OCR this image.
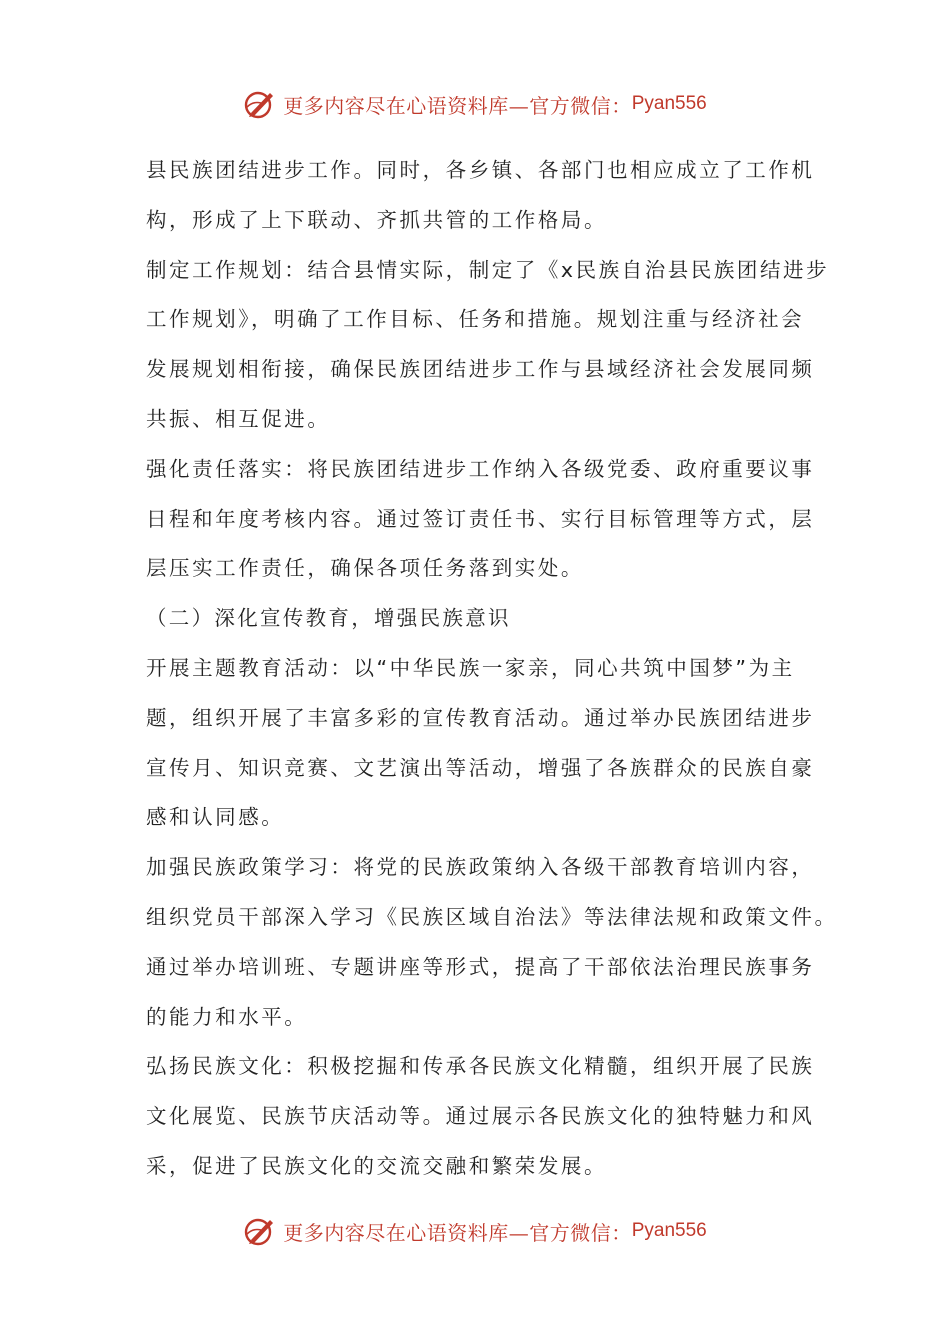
更多内容尽在心语资料库—官方微信： Pyan556
县民族团结进步工作。同时，各乡镇、各部门也相应成立了工作机
构，形成了上下联动、齐抓共管的工作格局。
制定工作规划：结合县情实际，制定了《x民族自治县民族团结进步
工作规划》，明确了工作目标、任务和措施。规划注重与经济社会
发展规划相衔接，确保民族团结进步工作与县域经济社会发展同频
共振、相互促进。
强化责任落实：将民族团结进步工作纳入各级党委、政府重要议事
日程和年度考核内容。通过签订责任书、实行目标管理等方式，层
层压实工作责任，确保各项任务落到实处。
（二）深化宣传教育，增强民族意识
开展主题教育活动：以“中华民族一家亲，同心共筑中国梦”为主
题，组织开展了丰富多彩的宣传教育活动。通过举办民族团结进步
宣传月、知识竞赛、文艺演出等活动，增强了各族群众的民族自豪
感和认同感。
加强民族政策学习：将党的民族政策纳入各级干部教育培训内容，
组织党员干部深入学习《民族区域自治法》等法律法规和政策文件。
通过举办培训班、专题讲座等形式，提高了干部依法治理民族事务
的能力和水平。
弘扬民族文化：积极挖掘和传承各民族文化精髓，组织开展了民族
文化展览、民族节庆活动等。通过展示各民族文化的独特魅力和风
采，促进了民族文化的交流交融和繁荣发展。
更多内容尽在心语资料库—官方微信： Pyan556
